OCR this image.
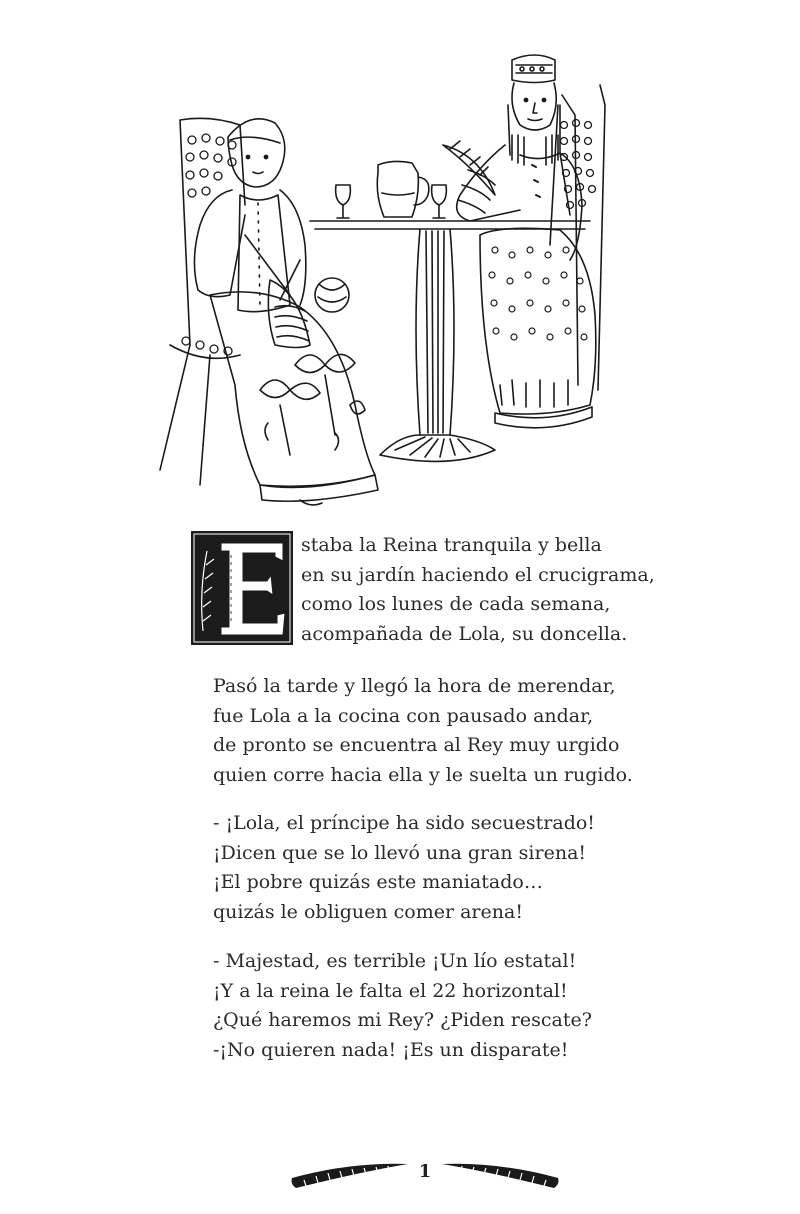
staba la Reina tranquila y bella
en su jardín haciendo el crucigrama,
como los lunes de cada semana,
acompañada de Lola, su doncella.
Pasó la tarde y llegó la hora de merendar,
fue Lola a la cocina con pausado andar,
de pronto se encuentra al Rey muy urgido
quien corre hacia ella y le suelta un rugido.
- ¡Lola, el príncipe ha sido secuestrado!
¡Dicen que se lo llevó una gran sirena!
¡El pobre quizás este maniatado…
quizás le obliguen comer arena!
- Majestad, es terrible ¡Un lío estatal!
¡Y a la reina le falta el 22 horizontal!
¿Qué haremos mi Rey? ¿Piden rescate?
-¡No quieren nada! ¡Es un disparate!
1
